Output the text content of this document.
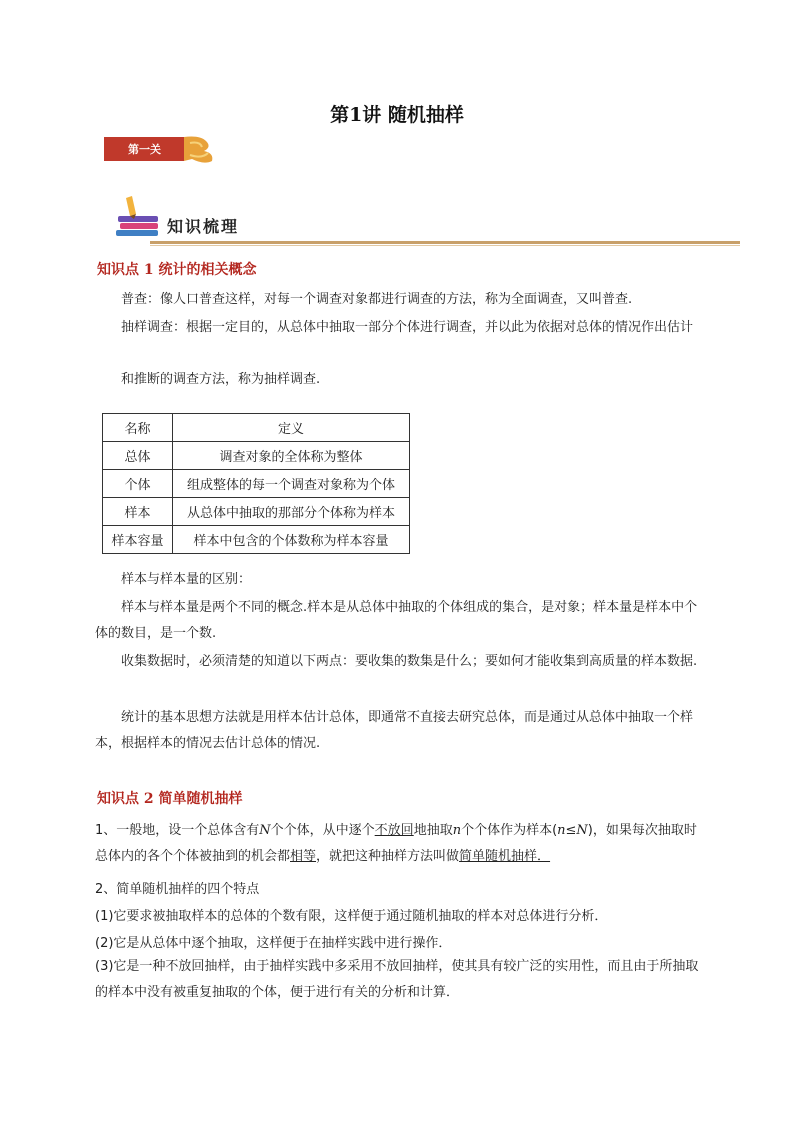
第1讲 随机抽样
第一关
知识梳理
知识点 1 统计的相关概念
普查：像人口普查这样，对每一个调查对象都进行调查的方法，称为全面调查，又叫普查.
抽样调查：根据一定目的，从总体中抽取一部分个体进行调查，并以此为依据对总体的情况作出估计
和推断的调查方法，称为抽样调查.
名称	定义
总体	调查对象的全体称为整体
个体	组成整体的每一个调查对象称为个体
样本	从总体中抽取的那部分个体称为样本
样本容量	样本中包含的个体数称为样本容量
样本与样本量的区别：
样本与样本量是两个不同的概念.样本是从总体中抽取的个体组成的集合，是对象；样本量是样本中个体的数目，是一个数.
收集数据时，必须清楚的知道以下两点：要收集的数集是什么；要如何才能收集到高质量的样本数据.
统计的基本思想方法就是用样本估计总体，即通常不直接去研究总体，而是通过从总体中抽取一个样本，根据样本的情况去估计总体的情况.
知识点 2 简单随机抽样
1、一般地，设一个总体含有N个个体，从中逐个不放回地抽取n个个体作为样本(n≤N)，如果每次抽取时总体内的各个个体被抽到的机会都相等，就把这种抽样方法叫做简单随机抽样．
2、简单随机抽样的四个特点
(1)它要求被抽取样本的总体的个数有限，这样便于通过随机抽取的样本对总体进行分析．
(2)它是从总体中逐个抽取，这样便于在抽样实践中进行操作．
(3)它是一种不放回抽样，由于抽样实践中多采用不放回抽样，使其具有较广泛的实用性，而且由于所抽取的样本中没有被重复抽取的个体，便于进行有关的分析和计算．
